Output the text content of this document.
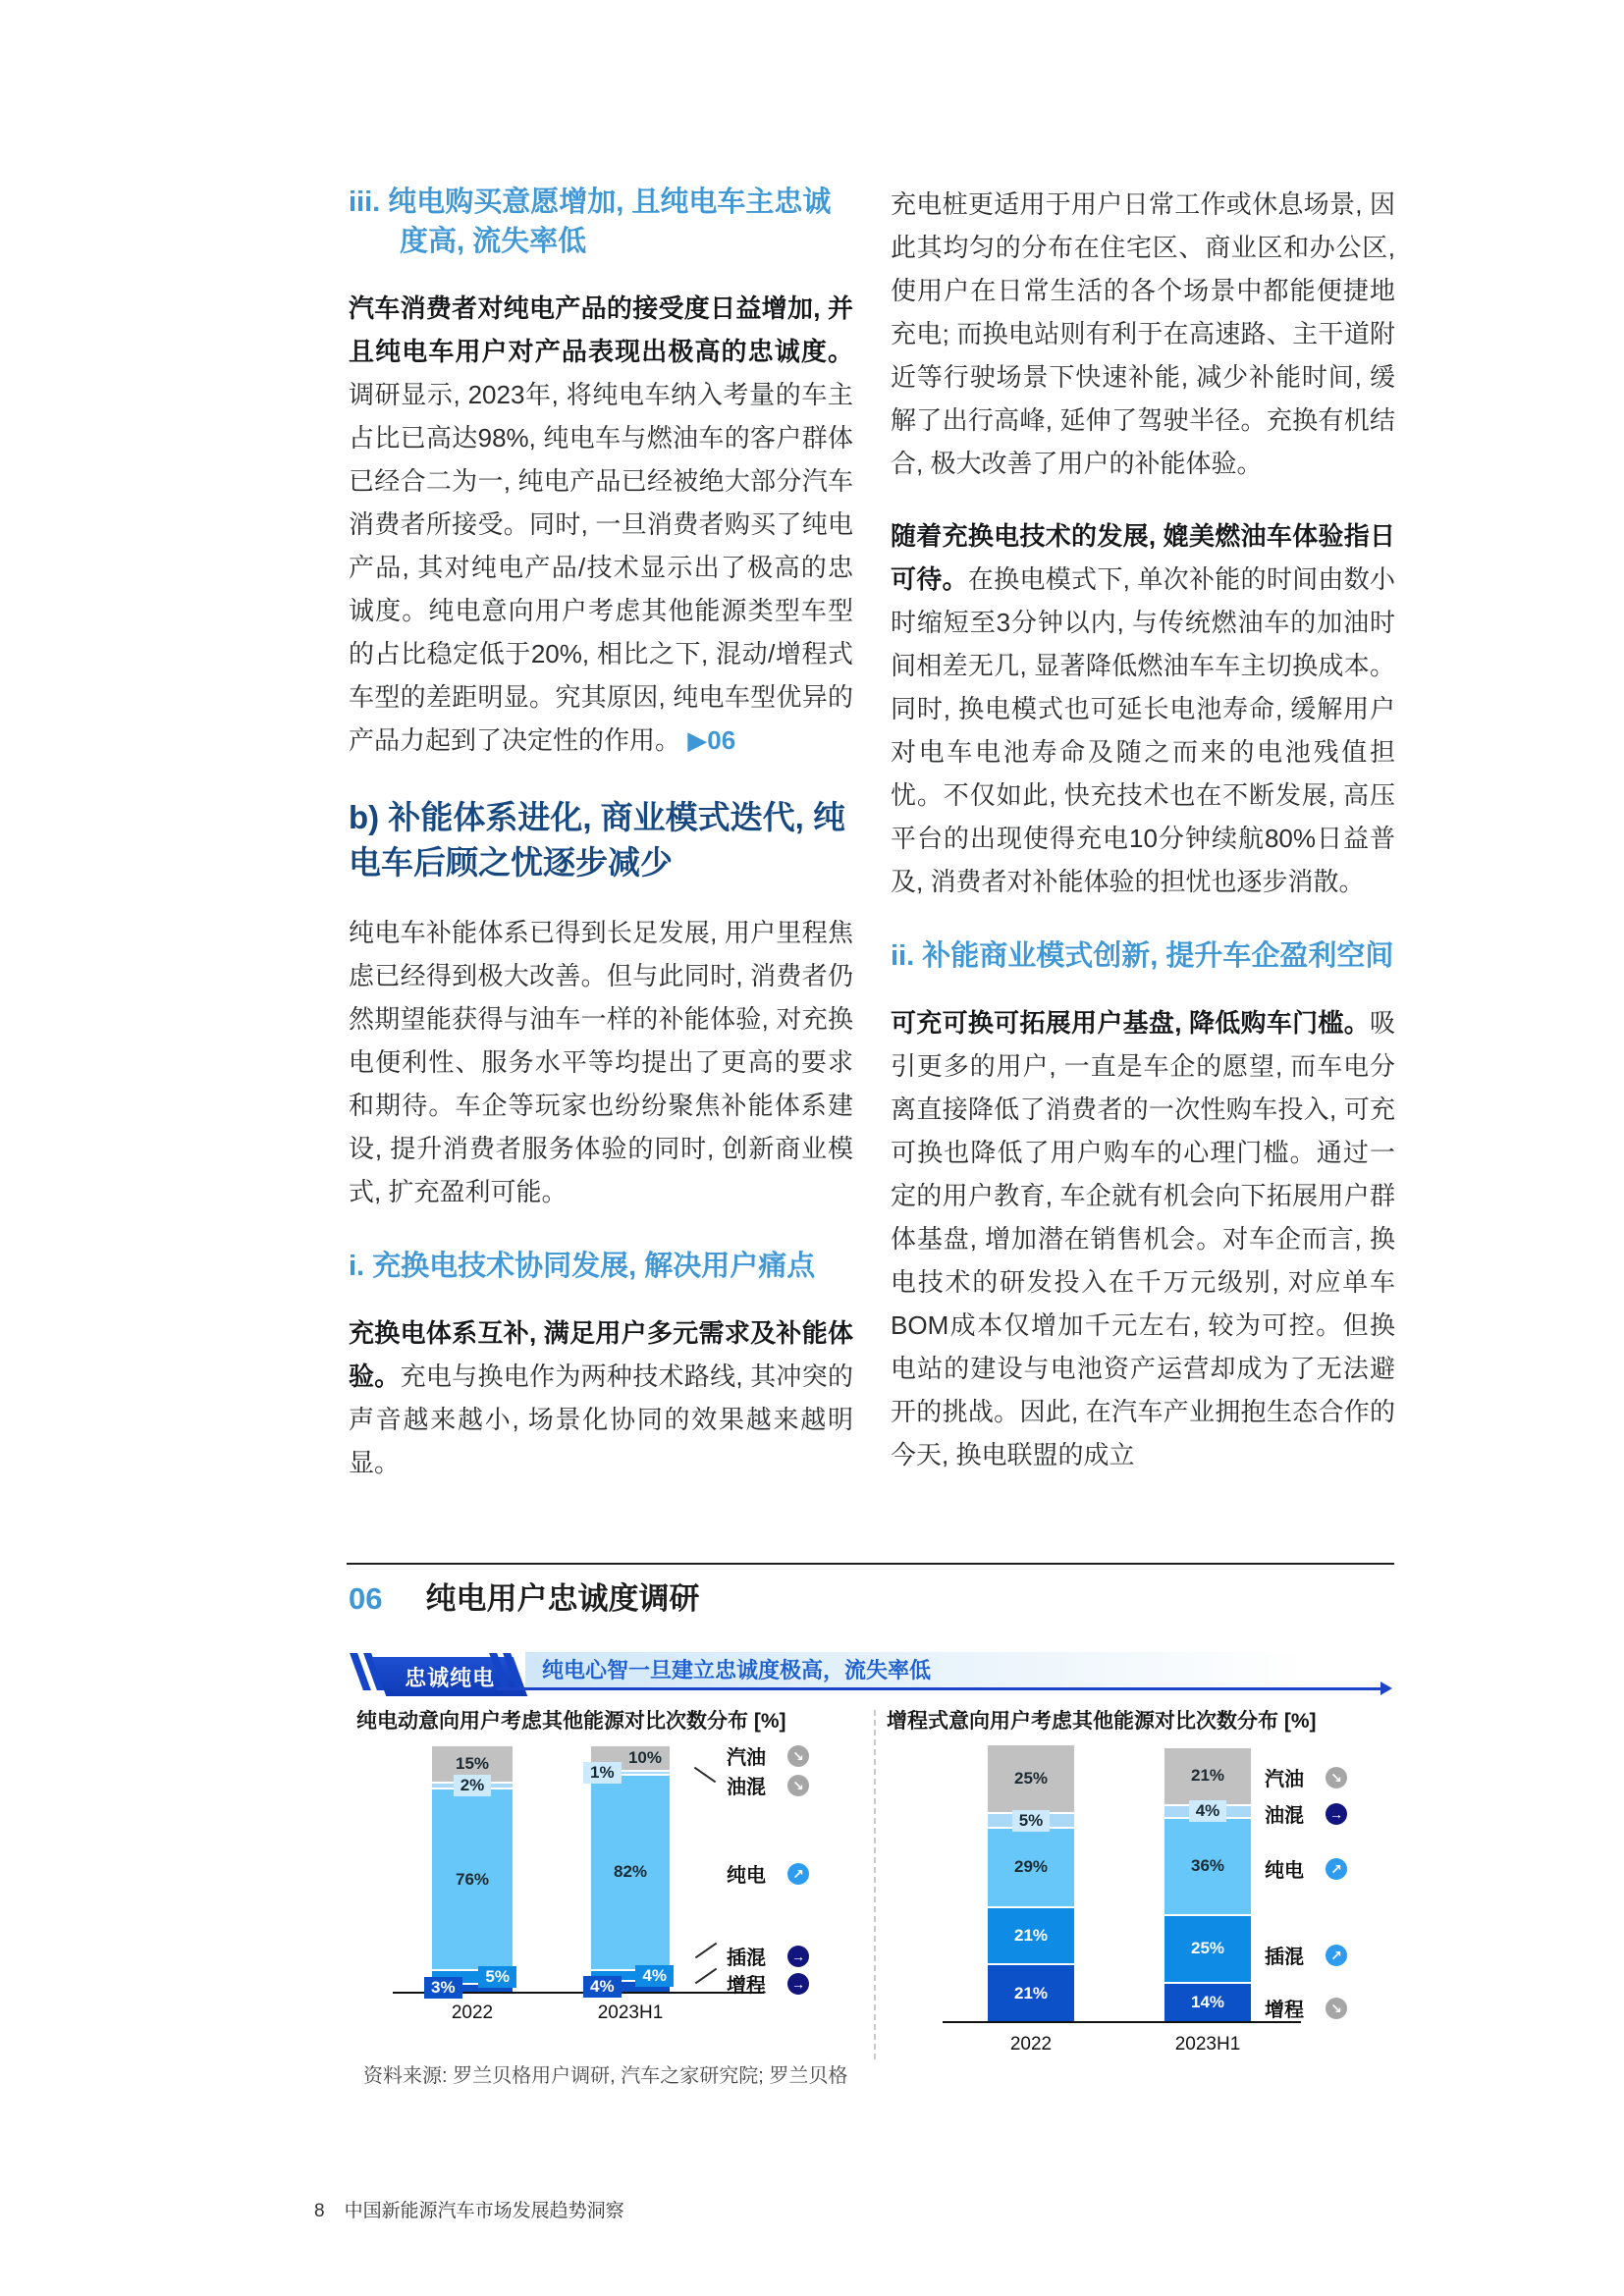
iii. 纯电购买意愿增加, 且纯电车主忠诚度高, 流失率低

汽车消费者对纯电产品的接受度日益增加, 并且纯电车用户对产品表现出极高的忠诚度。调研显示, 2023年, 将纯电车纳入考量的车主占比已高达98%, 纯电车与燃油车的客户群体已经合二为一, 纯电产品已经被绝大部分汽车消费者所接受。同时, 一旦消费者购买了纯电产品, 其对纯电产品/技术显示出了极高的忠诚度。纯电意向用户考虑其他能源类型车型的占比稳定低于20%, 相比之下, 混动/增程式车型的差距明显。究其原因, 纯电车型优异的产品力起到了决定性的作用。 ▶06

b) 补能体系进化, 商业模式迭代, 纯电车后顾之忧逐步减少

纯电车补能体系已得到长足发展, 用户里程焦虑已经得到极大改善。但与此同时, 消费者仍然期望能获得与油车一样的补能体验, 对充换电便利性、服务水平等均提出了更高的要求和期待。车企等玩家也纷纷聚焦补能体系建设, 提升消费者服务体验的同时, 创新商业模式, 扩充盈利可能。

i. 充换电技术协同发展, 解决用户痛点

充换电体系互补, 满足用户多元需求及补能体验。充电与换电作为两种技术路线, 其冲突的声音越来越小, 场景化协同的效果越来越明显。

充电桩更适用于用户日常工作或休息场景, 因此其均匀的分布在住宅区、商业区和办公区, 使用户在日常生活的各个场景中都能便捷地充电; 而换电站则有利于在高速路、主干道附近等行驶场景下快速补能, 减少补能时间, 缓解了出行高峰, 延伸了驾驶半径。充换有机结合, 极大改善了用户的补能体验。

随着充换电技术的发展, 媲美燃油车体验指日可待。在换电模式下, 单次补能的时间由数小时缩短至3分钟以内, 与传统燃油车的加油时间相差无几, 显著降低燃油车车主切换成本。同时, 换电模式也可延长电池寿命, 缓解用户对电车电池寿命及随之而来的电池残值担忧。不仅如此, 快充技术也在不断发展, 高压平台的出现使得充电10分钟续航80%日益普及, 消费者对补能体验的担忧也逐步消散。

ii. 补能商业模式创新, 提升车企盈利空间

可充可换可拓展用户基盘, 降低购车门槛。吸引更多的用户, 一直是车企的愿望, 而车电分离直接降低了消费者的一次性购车投入, 可充可换也降低了用户购车的心理门槛。通过一定的用户教育, 车企就有机会向下拓展用户群体基盘, 增加潜在销售机会。对车企而言, 换电技术的研发投入在千万元级别, 对应单车BOM成本仅增加千元左右, 较为可控。但换电站的建设与电池资产运营却成为了无法避开的挑战。因此, 在汽车产业拥抱生态合作的今天, 换电联盟的成立

06 纯电用户忠诚度调研
忠诚纯电 纯电心智一旦建立忠诚度极高，流失率低
纯电动意向用户考虑其他能源对比次数分布 [%]	增程式意向用户考虑其他能源对比次数分布 [%]
15%
2%
76%
5%
3%
10%
1%
82%
4%
4%
2022	2023H1
汽油	↘
油混	↘
纯电	↗
插混	→
增程	→
25%
5%
29%
21%
21%
21%
4%
36%
25%
14%
2022	2023H1
汽油	↘
油混	→
纯电	↗
插混	↗
增程	↘
资料来源: 罗兰贝格用户调研, 汽车之家研究院; 罗兰贝格
8 中国新能源汽车市场发展趋势洞察
